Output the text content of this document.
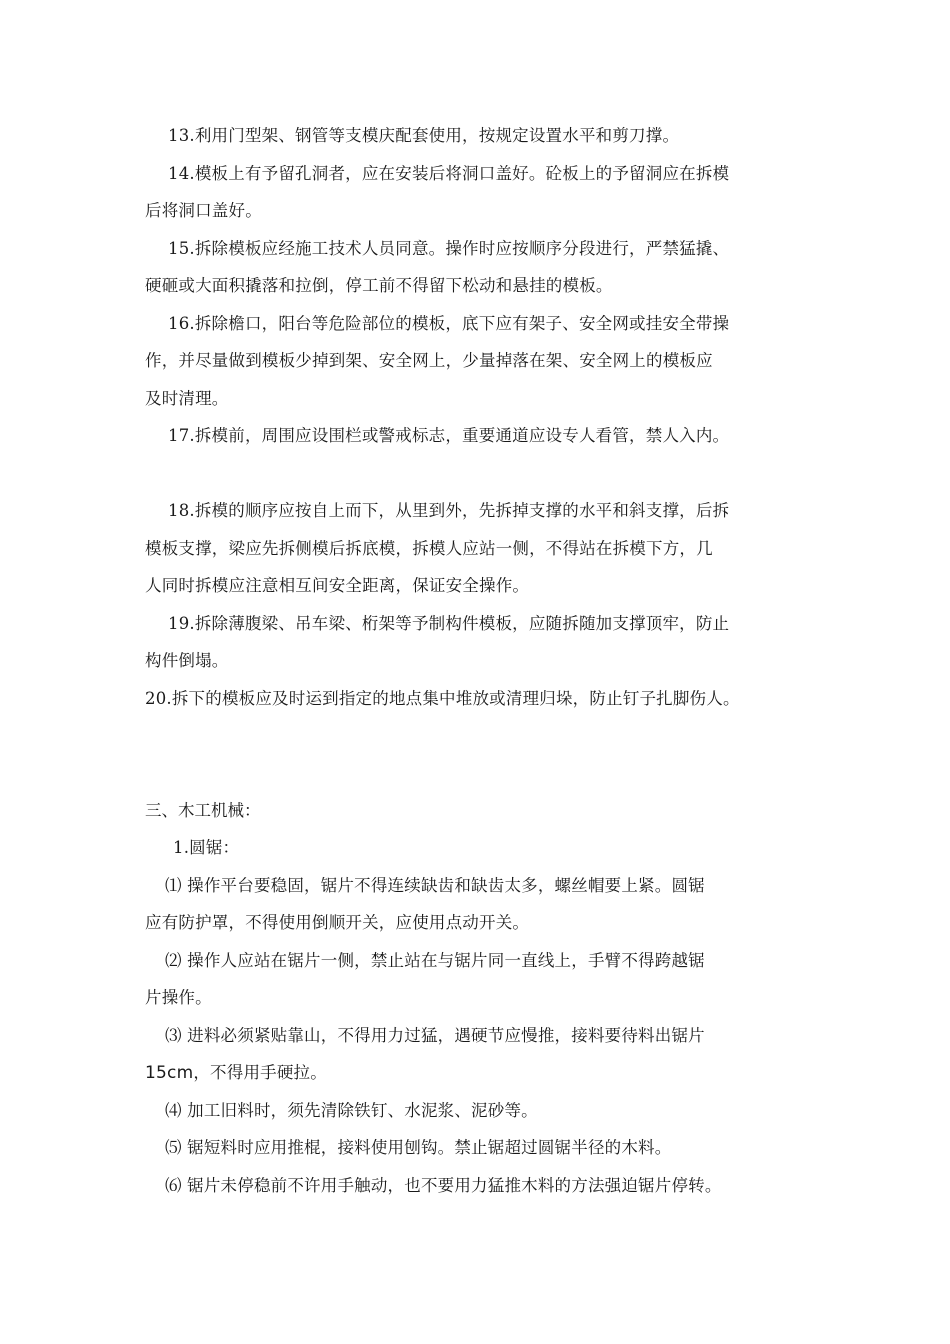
13.利用门型架、钢管等支模庆配套使用，按规定设置水平和剪刀撑。
14.模板上有予留孔洞者，应在安装后将洞口盖好。砼板上的予留洞应在拆模
后将洞口盖好。
15.拆除模板应经施工技术人员同意。操作时应按顺序分段进行，严禁猛撬、
硬砸或大面积撬落和拉倒，停工前不得留下松动和悬挂的模板。
16.拆除檐口，阳台等危险部位的模板，底下应有架子、安全网或挂安全带操
作，并尽量做到模板少掉到架、安全网上，少量掉落在架、安全网上的模板应
及时清理。
17.拆模前，周围应设围栏或警戒标志，重要通道应设专人看管，禁人入内。
18.拆模的顺序应按自上而下，从里到外，先拆掉支撑的水平和斜支撑，后拆
模板支撑，梁应先拆侧模后拆底模，拆模人应站一侧，不得站在拆模下方，几
人同时拆模应注意相互间安全距离，保证安全操作。
19.拆除薄腹梁、吊车梁、桁架等予制构件模板，应随拆随加支撑顶牢，防止
构件倒塌。
20.拆下的模板应及时运到指定的地点集中堆放或清理归垛，防止钉子扎脚伤人。
三、木工机械：
1.圆锯：
⑴ 操作平台要稳固，锯片不得连续缺齿和缺齿太多，螺丝帽要上紧。圆锯
应有防护罩，不得使用倒顺开关，应使用点动开关。
⑵ 操作人应站在锯片一侧，禁止站在与锯片同一直线上，手臂不得跨越锯
片操作。
⑶ 进料必须紧贴靠山，不得用力过猛，遇硬节应慢推，接料要待料出锯片
15cm，不得用手硬拉。
⑷ 加工旧料时，须先清除铁钉、水泥浆、泥砂等。
⑸ 锯短料时应用推棍，接料使用刨钩。禁止锯超过圆锯半径的木料。
⑹ 锯片未停稳前不许用手触动，也不要用力猛推木料的方法强迫锯片停转。
